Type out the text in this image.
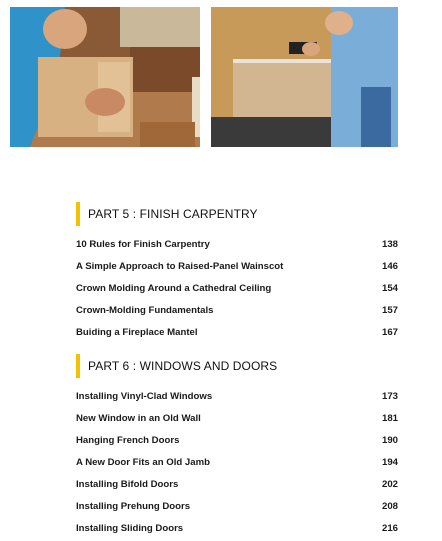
PART 5 : FINISH CARPENTRY
10 Rules for Finish Carpentry	138
A Simple Approach to Raised-Panel Wainscot	146
Crown Molding Around a Cathedral Ceiling	154
Crown-Molding Fundamentals	157
Buiding a Fireplace Mantel	167
PART 6 : WINDOWS AND DOORS
Installing Vinyl-Clad Windows	173
New Window in an Old Wall	181
Hanging French Doors	190
A New Door Fits an Old Jamb	194
Installing Bifold Doors	202
Installing Prehung Doors	208
Installing Sliding Doors	216
